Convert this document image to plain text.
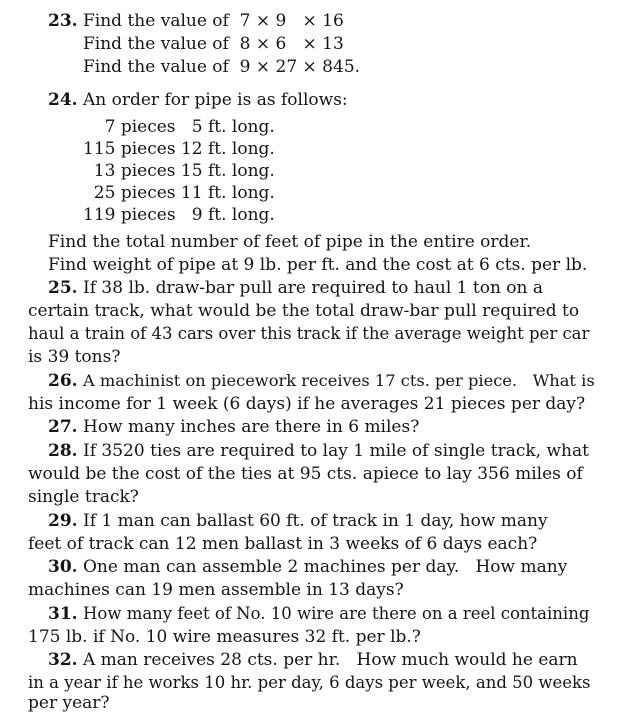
23. Find the value of  7 × 9   × 16
Find the value of  8 × 6   × 13
Find the value of  9 × 27 × 845.
24. An order for pipe is as follows:
7 pieces   5 ft. long.
115 pieces 12 ft. long.
13 pieces 15 ft. long.
25 pieces 11 ft. long.
119 pieces   9 ft. long.
Find the total number of feet of pipe in the entire order.
Find weight of pipe at 9 lb. per ft. and the cost at 6 cts. per lb.
25. If 38 lb. draw-bar pull are required to haul 1 ton on a
certain track, what would be the total draw-bar pull required to
haul a train of 43 cars over this track if the average weight per car
is 39 tons?
26. A machinist on piecework receives 17 cts. per piece.   What is
his income for 1 week (6 days) if he averages 21 pieces per day?
27. How many inches are there in 6 miles?
28. If 3520 ties are required to lay 1 mile of single track, what
would be the cost of the ties at 95 cts. apiece to lay 356 miles of
single track?
29. If 1 man can ballast 60 ft. of track in 1 day, how many
feet of track can 12 men ballast in 3 weeks of 6 days each?
30. One man can assemble 2 machines per day.   How many
machines can 19 men assemble in 13 days?
31. How many feet of No. 10 wire are there on a reel containing
175 lb. if No. 10 wire measures 32 ft. per lb.?
32. A man receives 28 cts. per hr.   How much would he earn
in a year if he works 10 hr. per day, 6 days per week, and 50 weeks
per year?
